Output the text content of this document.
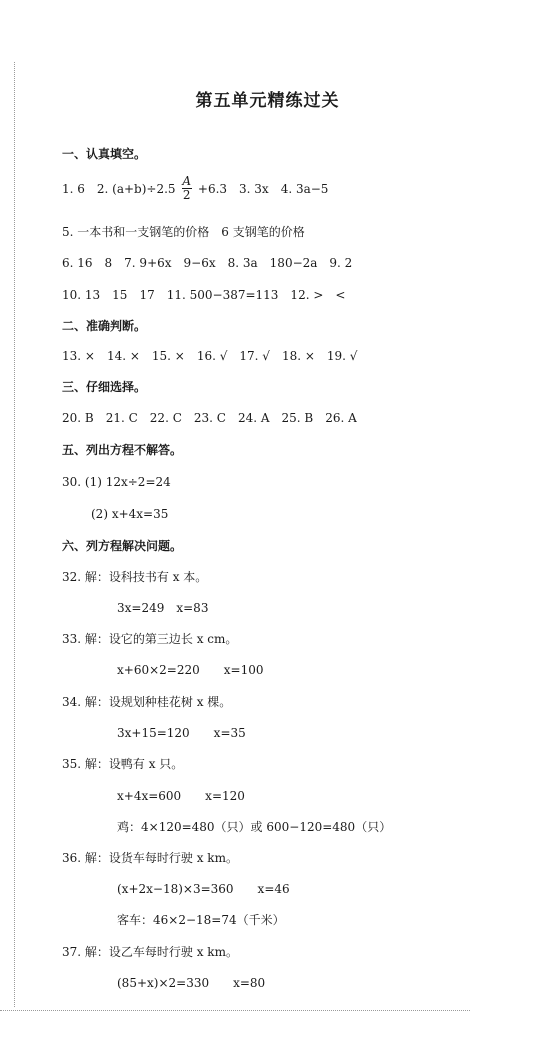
第五单元精练过关
一、认真填空。
1. 6　2. $(a+b)\div 2.5 \frac{A}{2} +6.3$　3. 3x　4. 3a−5
5. 一本书和一支钢笔的价格　6 支钢笔的价格
6. 16　8　7. 9+6x　9−6x　8. 3a　180−2a　9. 2
10. 13　15　17　11. 500−387=113　12. >　<
二、准确判断。
13. ×　14. ×　15. ×　16. √　17. √　18. ×　19. √
三、仔细选择。
20. B　21. C　22. C　23. C　24. A　25. B　26. A
五、列出方程不解答。
30. (1) 12x÷2=24
(2) x+4x=35
六、列方程解决问题。
32. 解：设科技书有 x 本。
3x=249　x=83
33. 解：设它的第三边长 x cm。
x+60×2=220　　x=100
34. 解：设规划种桂花树 x 棵。
3x+15=120　　x=35
35. 解：设鸭有 x 只。
x+4x=600　　x=120
鸡：4×120=480（只）或 600−120=480（只）
36. 解：设货车每时行驶 x km。
(x+2x−18)×3=360　　x=46
客车：46×2−18=74（千米）
37. 解：设乙车每时行驶 x km。
(85+x)×2=330　　x=80
